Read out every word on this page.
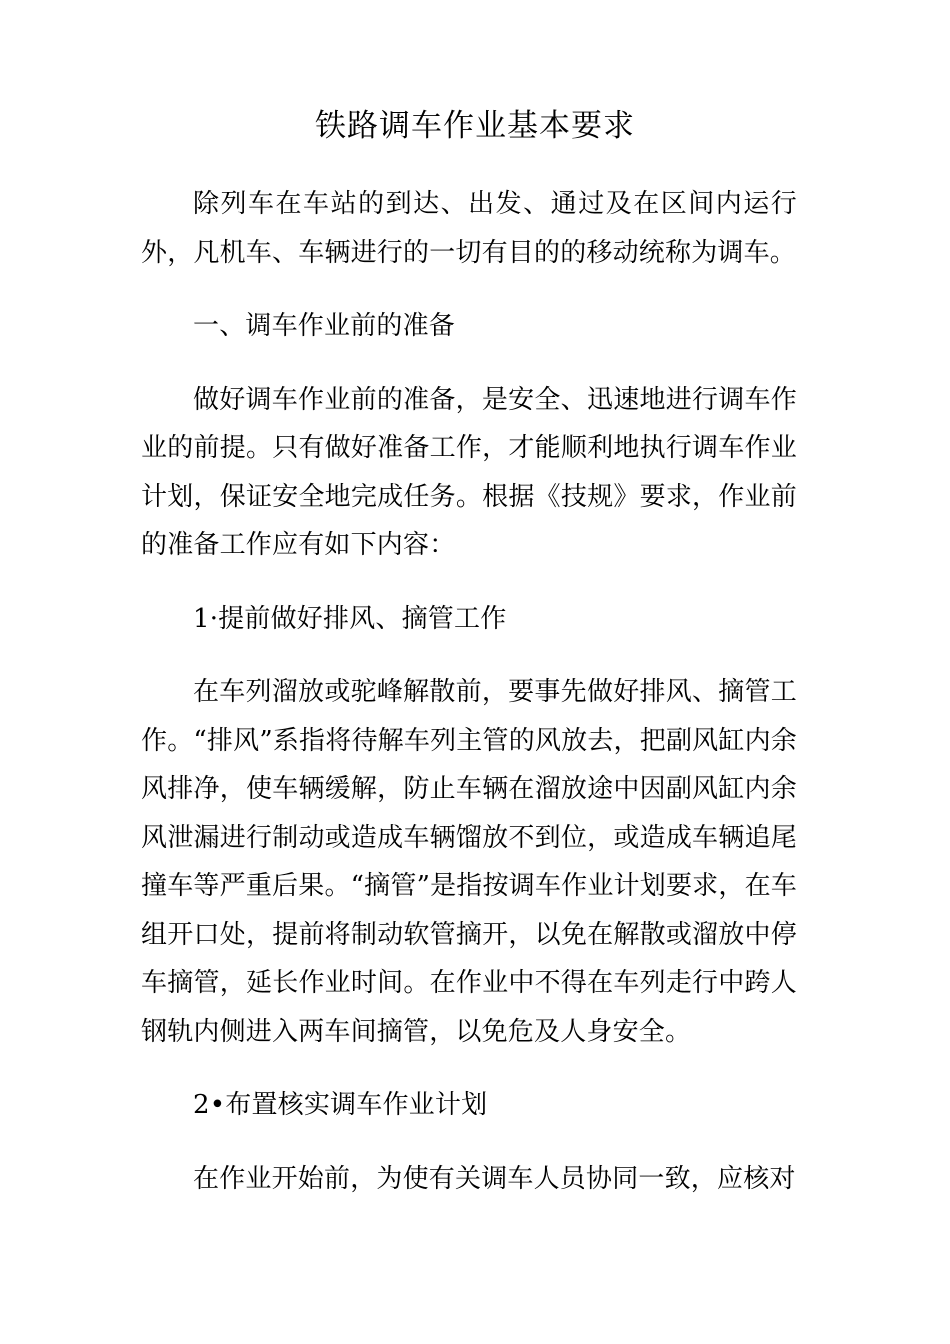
铁路调车作业基本要求

除列车在车站的到达、出发、通过及在区间内运行外，凡机车、车辆进行的一切有目的的移动统称为调车。

一、调车作业前的准备

做好调车作业前的准备，是安全、迅速地进行调车作业的前提。只有做好准备工作，才能顺利地执行调车作业计划，保证安全地完成任务。根据《技规》要求，作业前的准备工作应有如下内容：

1·提前做好排风、摘管工作

在车列溜放或驼峰解散前，要事先做好排风、摘管工作。“排风”系指将待解车列主管的风放去，把副风缸内余风排净，使车辆缓解，防止车辆在溜放途中因副风缸内余风泄漏进行制动或造成车辆馏放不到位，或造成车辆追尾撞车等严重后果。“摘管”是指按调车作业计划要求，在车组开口处，提前将制动软管摘开，以免在解散或溜放中停车摘管，延长作业时间。在作业中不得在车列走行中跨人钢轨内侧进入两车间摘管，以免危及人身安全。

2•布置核实调车作业计划

在作业开始前，为使有关调车人员协同一致，应核对
